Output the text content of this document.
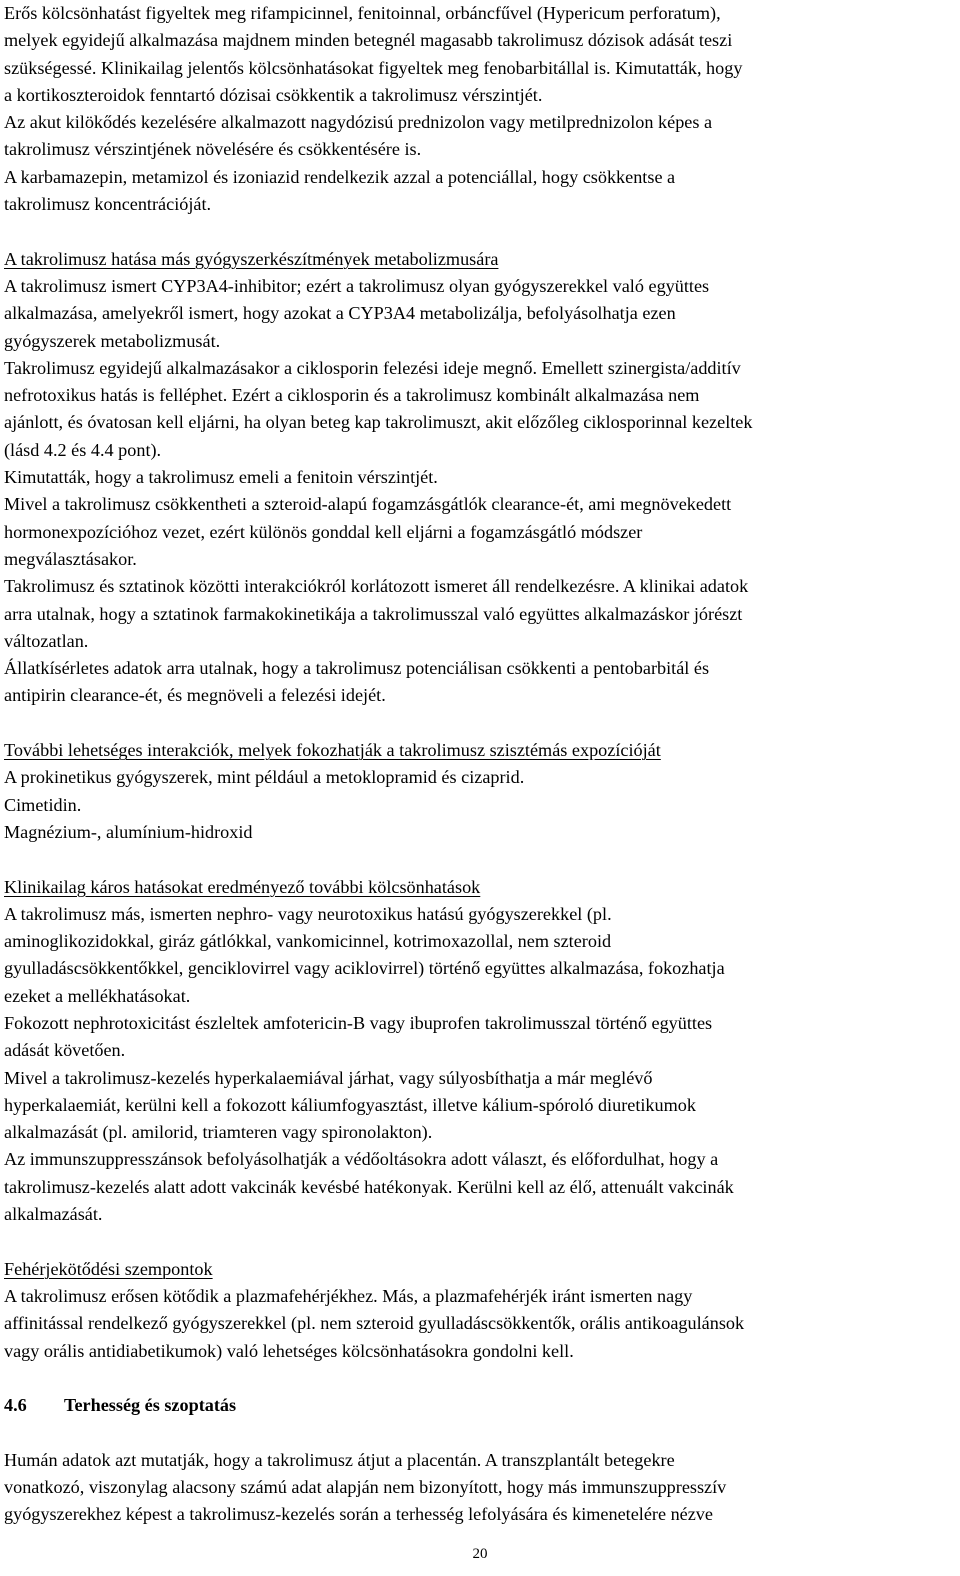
Erős kölcsönhatást figyeltek meg rifampicinnel, fenitoinnal, orbáncfűvel (Hypericum perforatum),
melyek egyidejű alkalmazása majdnem minden betegnél magasabb takrolimusz dózisok adását teszi
szükségessé. Klinikailag jelentős kölcsönhatásokat figyeltek meg fenobarbitállal is. Kimutatták, hogy
a kortikoszteroidok fenntartó dózisai csökkentik a takrolimusz vérszintjét.
Az akut kilökődés kezelésére alkalmazott nagydózisú prednizolon vagy metilprednizolon képes a
takrolimusz vérszintjének növelésére és csökkentésére is.
A karbamazepin, metamizol és izoniazid rendelkezik azzal a potenciállal, hogy csökkentse a
takrolimusz koncentrációját.
A takrolimusz hatása más gyógyszerkészítmények metabolizmusára
A takrolimusz ismert CYP3A4-inhibitor; ezért a takrolimusz olyan gyógyszerekkel való együttes
alkalmazása, amelyekről ismert, hogy azokat a CYP3A4 metabolizálja, befolyásolhatja ezen
gyógyszerek metabolizmusát.
Takrolimusz egyidejű alkalmazásakor a ciklosporin felezési ideje megnő. Emellett szinergista/additív
nefrotoxikus hatás is felléphet. Ezért a ciklosporin és a takrolimusz kombinált alkalmazása nem
ajánlott, és óvatosan kell eljárni, ha olyan beteg kap takrolimuszt, akit előzőleg ciklosporinnal kezeltek
(lásd 4.2 és 4.4 pont).
Kimutatták, hogy a takrolimusz emeli a fenitoin vérszintjét.
Mivel a takrolimusz csökkentheti a szteroid-alapú fogamzásgátlók clearance-ét, ami megnövekedett
hormonexpozícióhoz vezet, ezért különös gonddal kell eljárni a fogamzásgátló módszer
megválasztásakor.
Takrolimusz és sztatinok közötti interakciókról korlátozott ismeret áll rendelkezésre. A klinikai adatok
arra utalnak, hogy a sztatinok farmakokinetikája a takrolimusszal való együttes alkalmazáskor jórészt
változatlan.
Állatkísérletes adatok arra utalnak, hogy a takrolimusz potenciálisan csökkenti a pentobarbitál és
antipirin clearance-ét, és megnöveli a felezési idejét.
További lehetséges interakciók, melyek fokozhatják a takrolimusz szisztémás expozícióját
A prokinetikus gyógyszerek, mint például a metoklopramid és cizaprid.
Cimetidin.
Magnézium-, alumínium-hidroxid
Klinikailag káros hatásokat eredményező további kölcsönhatások
A takrolimusz más, ismerten nephro- vagy neurotoxikus hatású gyógyszerekkel (pl.
aminoglikozidokkal, giráz gátlókkal, vankomicinnel, kotrimoxazollal, nem szteroid
gyulladáscsökkentőkkel, genciklovirrel vagy aciklovirrel) történő együttes alkalmazása, fokozhatja
ezeket a mellékhatásokat.
Fokozott nephrotoxicitást észleltek amfotericin-B vagy ibuprofen takrolimusszal történő együttes
adását követően.
Mivel a takrolimusz-kezelés hyperkalaemiával járhat, vagy súlyosbíthatja a már meglévő
hyperkalaemiát, kerülni kell a fokozott káliumfogyasztást, illetve kálium-spóroló diuretikumok
alkalmazását (pl. amilorid, triamteren vagy spironolakton).
Az immunszuppresszánsok befolyásolhatják a védőoltásokra adott választ, és előfordulhat, hogy a
takrolimusz-kezelés alatt adott vakcinák kevésbé hatékonyak. Kerülni kell az élő, attenuált vakcinák
alkalmazását.
Fehérjekötődési szempontok
A takrolimusz erősen kötődik a plazmafehérjékhez. Más, a plazmafehérjék iránt ismerten nagy
affinitással rendelkező gyógyszerekkel (pl. nem szteroid gyulladáscsökkentők, orális antikoagulánsok
vagy orális antidiabetikumok) való lehetséges kölcsönhatásokra gondolni kell.
4.6 Terhesség és szoptatás
Humán adatok azt mutatják, hogy a takrolimusz átjut a placentán. A transzplantált betegekre
vonatkozó, viszonylag alacsony számú adat alapján nem bizonyított, hogy más immunszuppresszív
gyógyszerekhez képest a takrolimusz-kezelés során a terhesség lefolyására és kimenetelére nézve
20
